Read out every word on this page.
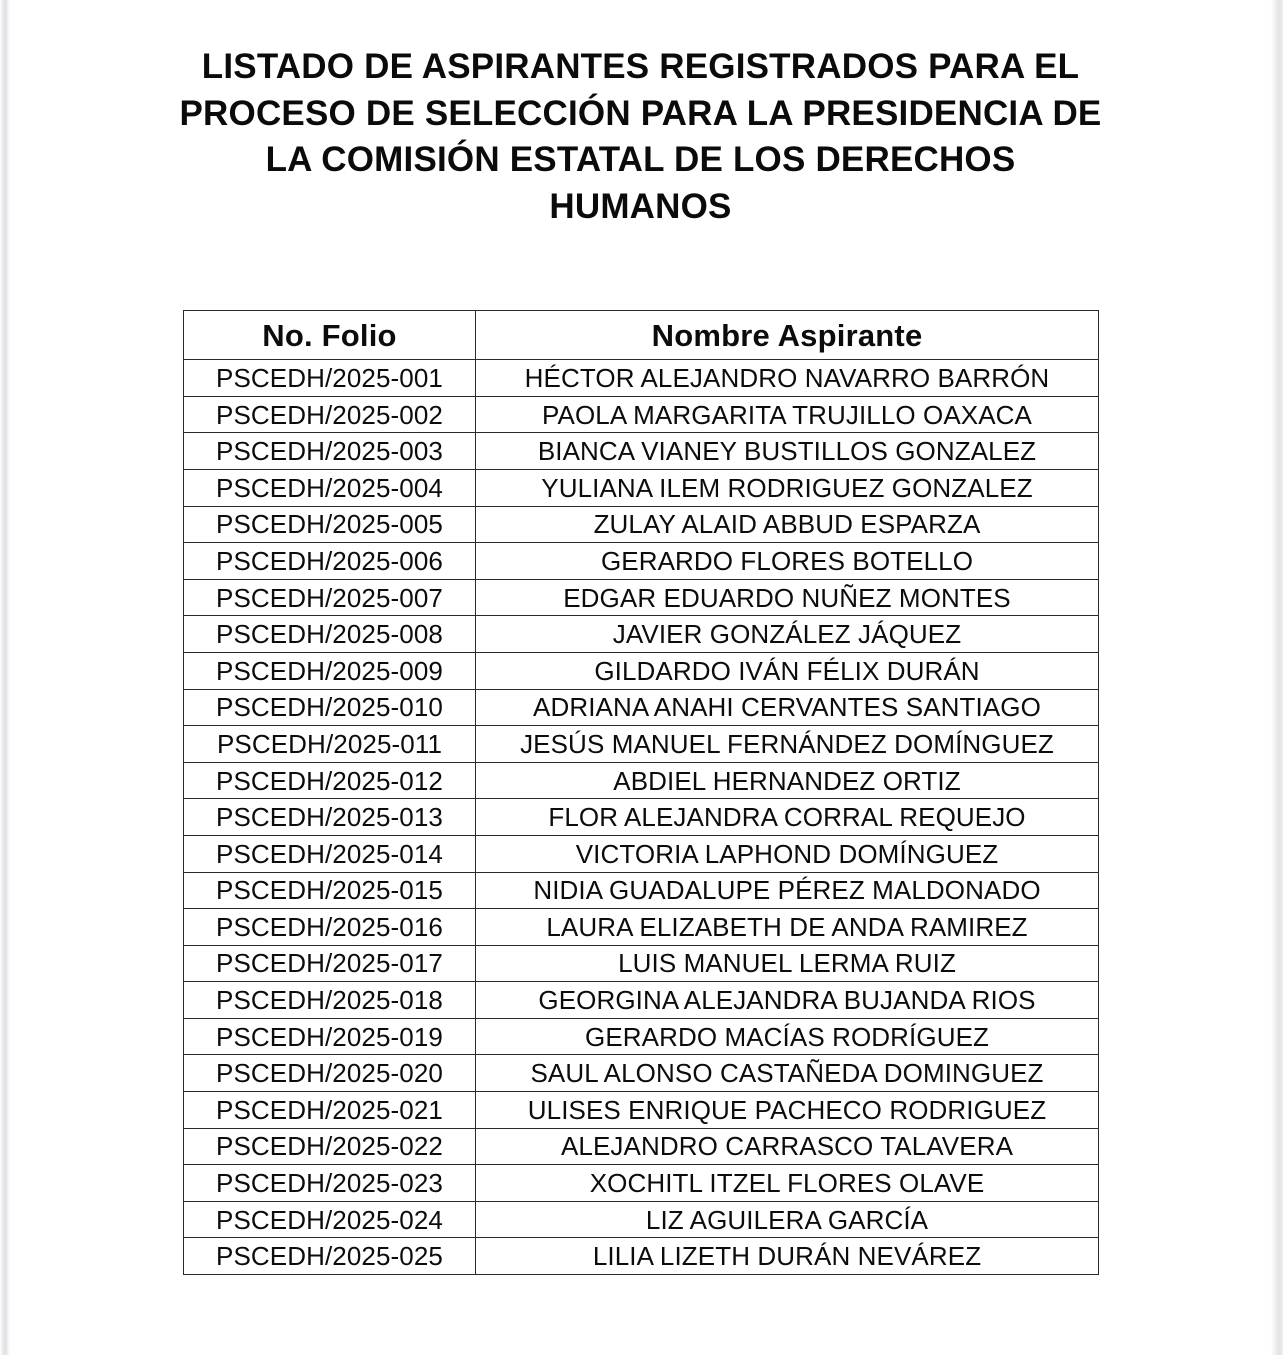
LISTADO DE ASPIRANTES REGISTRADOS PARA EL PROCESO DE SELECCIÓN PARA LA PRESIDENCIA DE LA COMISIÓN ESTATAL DE LOS DERECHOS HUMANOS
No. Folio	Nombre Aspirante
PSCEDH/2025-001	HÉCTOR ALEJANDRO NAVARRO BARRÓN
PSCEDH/2025-002	PAOLA MARGARITA TRUJILLO OAXACA
PSCEDH/2025-003	BIANCA VIANEY BUSTILLOS GONZALEZ
PSCEDH/2025-004	YULIANA ILEM RODRIGUEZ GONZALEZ
PSCEDH/2025-005	ZULAY ALAID ABBUD ESPARZA
PSCEDH/2025-006	GERARDO FLORES BOTELLO
PSCEDH/2025-007	EDGAR EDUARDO NUÑEZ MONTES
PSCEDH/2025-008	JAVIER GONZÁLEZ JÁQUEZ
PSCEDH/2025-009	GILDARDO IVÁN FÉLIX DURÁN
PSCEDH/2025-010	ADRIANA ANAHI CERVANTES SANTIAGO
PSCEDH/2025-011	JESÚS MANUEL FERNÁNDEZ DOMÍNGUEZ
PSCEDH/2025-012	ABDIEL HERNANDEZ ORTIZ
PSCEDH/2025-013	FLOR ALEJANDRA CORRAL REQUEJO
PSCEDH/2025-014	VICTORIA LAPHOND DOMÍNGUEZ
PSCEDH/2025-015	NIDIA GUADALUPE PÉREZ MALDONADO
PSCEDH/2025-016	LAURA ELIZABETH DE ANDA RAMIREZ
PSCEDH/2025-017	LUIS MANUEL LERMA RUIZ
PSCEDH/2025-018	GEORGINA ALEJANDRA BUJANDA RIOS
PSCEDH/2025-019	GERARDO MACÍAS RODRÍGUEZ
PSCEDH/2025-020	SAUL ALONSO CASTAÑEDA DOMINGUEZ
PSCEDH/2025-021	ULISES ENRIQUE PACHECO RODRIGUEZ
PSCEDH/2025-022	ALEJANDRO CARRASCO TALAVERA
PSCEDH/2025-023	XOCHITL ITZEL FLORES OLAVE
PSCEDH/2025-024	LIZ AGUILERA GARCÍA
PSCEDH/2025-025	LILIA LIZETH DURÁN NEVÁREZ
